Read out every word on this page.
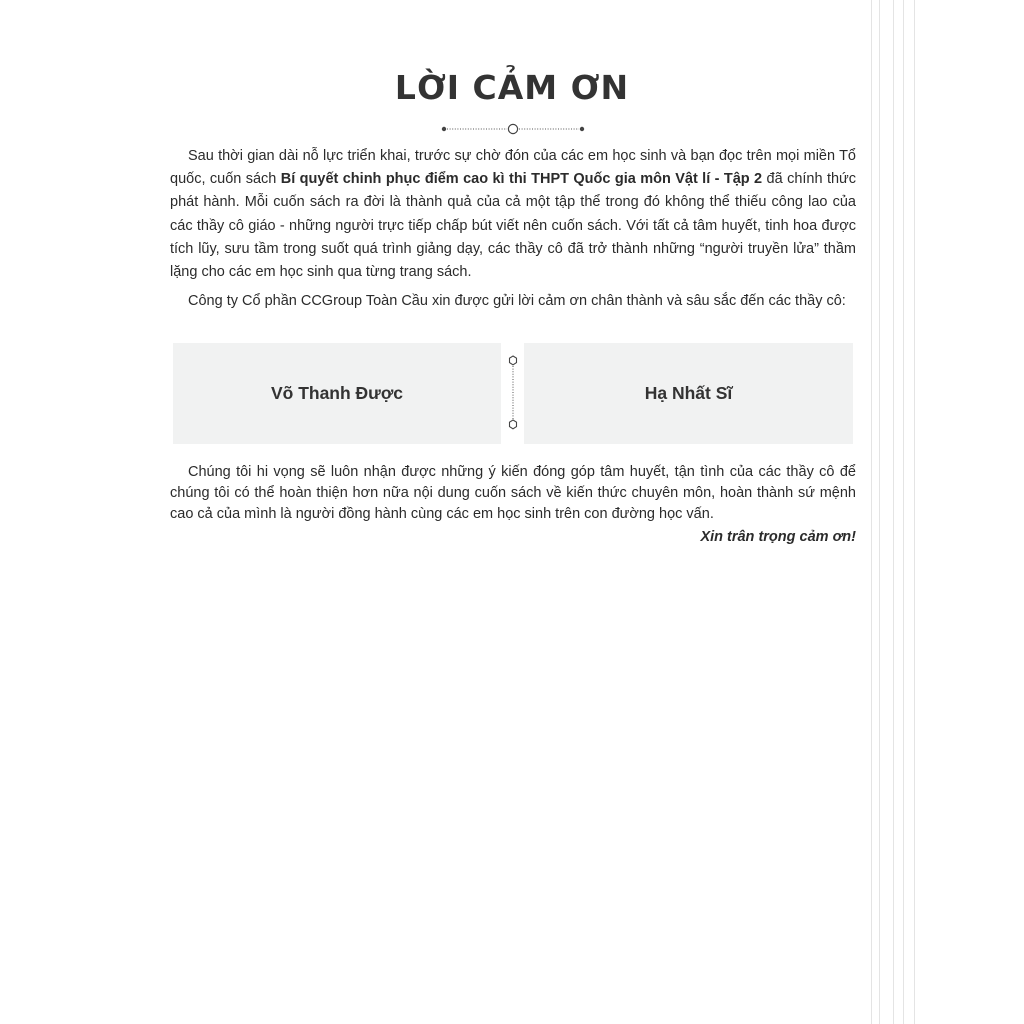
LỜI CẢM ƠN

Sau thời gian dài nỗ lực triển khai, trước sự chờ đón của các em học sinh và bạn đọc trên mọi miền Tổ quốc, cuốn sách Bí quyết chinh phục điểm cao kì thi THPT Quốc gia môn Vật lí - Tập 2 đã chính thức phát hành. Mỗi cuốn sách ra đời là thành quả của cả một tập thể trong đó không thể thiếu công lao của các thầy cô giáo - những người trực tiếp chấp bút viết nên cuốn sách. Với tất cả tâm huyết, tinh hoa được tích lũy, sưu tầm trong suốt quá trình giảng dạy, các thầy cô đã trở thành những “người truyền lửa” thầm lặng cho các em học sinh qua từng trang sách.

Công ty Cổ phần CCGroup Toàn Cầu xin được gửi lời cảm ơn chân thành và sâu sắc đến các thầy cô:

Võ Thanh Được	Hạ Nhất Sĩ

Chúng tôi hi vọng sẽ luôn nhận được những ý kiến đóng góp tâm huyết, tận tình của các thầy cô để chúng tôi có thể hoàn thiện hơn nữa nội dung cuốn sách về kiến thức chuyên môn, hoàn thành sứ mệnh cao cả của mình là người đồng hành cùng các em học sinh trên con đường học vấn.

Xin trân trọng cảm ơn!
